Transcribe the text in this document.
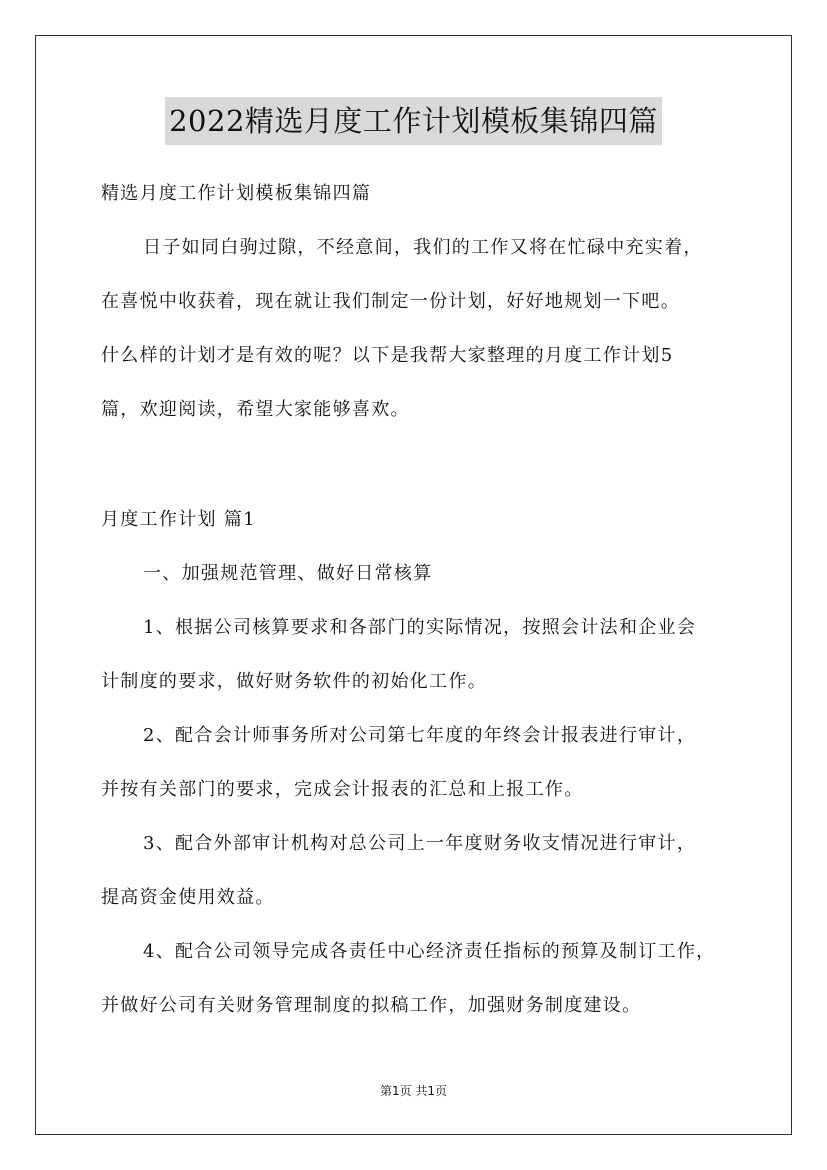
2022精选月度工作计划模板集锦四篇
精选月度工作计划模板集锦四篇
日子如同白驹过隙，不经意间，我们的工作又将在忙碌中充实着，
在喜悦中收获着，现在就让我们制定一份计划，好好地规划一下吧。
什么样的计划才是有效的呢？以下是我帮大家整理的月度工作计划5
篇，欢迎阅读，希望大家能够喜欢。
月度工作计划 篇1
一、加强规范管理、做好日常核算
1、根据公司核算要求和各部门的实际情况，按照会计法和企业会
计制度的要求，做好财务软件的初始化工作。
2、配合会计师事务所对公司第七年度的年终会计报表进行审计，
并按有关部门的要求，完成会计报表的汇总和上报工作。
3、配合外部审计机构对总公司上一年度财务收支情况进行审计，
提高资金使用效益。
4、配合公司领导完成各责任中心经济责任指标的预算及制订工作，
并做好公司有关财务管理制度的拟稿工作，加强财务制度建设。
第1页 共1页
